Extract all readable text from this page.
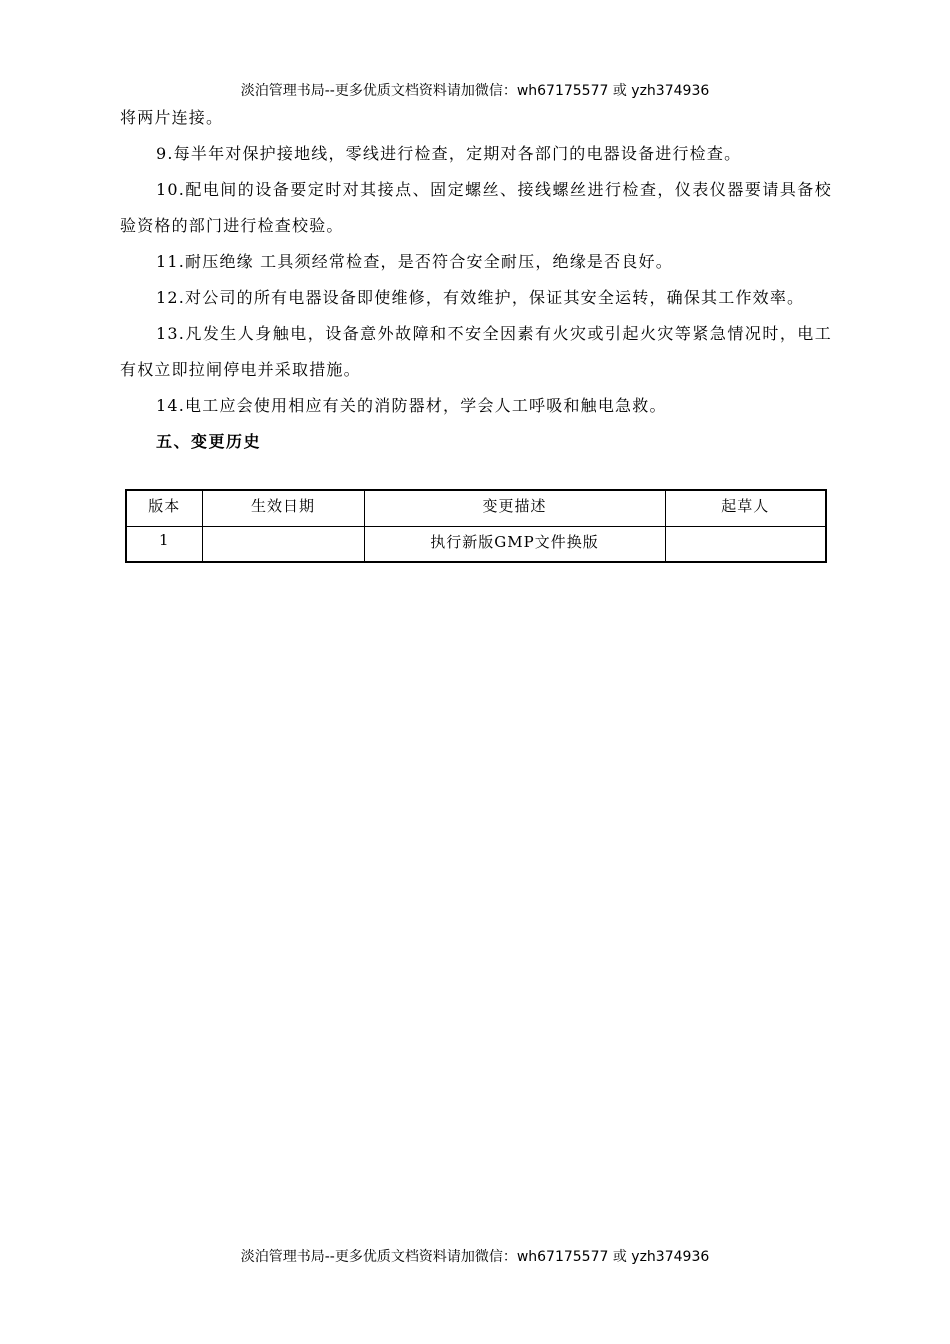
淡泊管理书局--更多优质文档资料请加微信：wh67175577 或 yzh374936

将两片连接。

9.每半年对保护接地线，零线进行检查，定期对各部门的电器设备进行检查。

10.配电间的设备要定时对其接点、固定螺丝、接线螺丝进行检查，仪表仪器要请具备校验资格的部门进行检查校验。

11.耐压绝缘 工具须经常检查，是否符合安全耐压，绝缘是否良好。

12.对公司的所有电器设备即使维修，有效维护，保证其安全运转，确保其工作效率。

13.凡发生人身触电，设备意外故障和不安全因素有火灾或引起火灾等紧急情况时，电工有权立即拉闸停电并采取措施。

14.电工应会使用相应有关的消防器材，学会人工呼吸和触电急救。

五、变更历史

版本	生效日期	变更描述	起草人
1		执行新版GMP文件换版	
淡泊管理书局--更多优质文档资料请加微信：wh67175577 或 yzh374936
